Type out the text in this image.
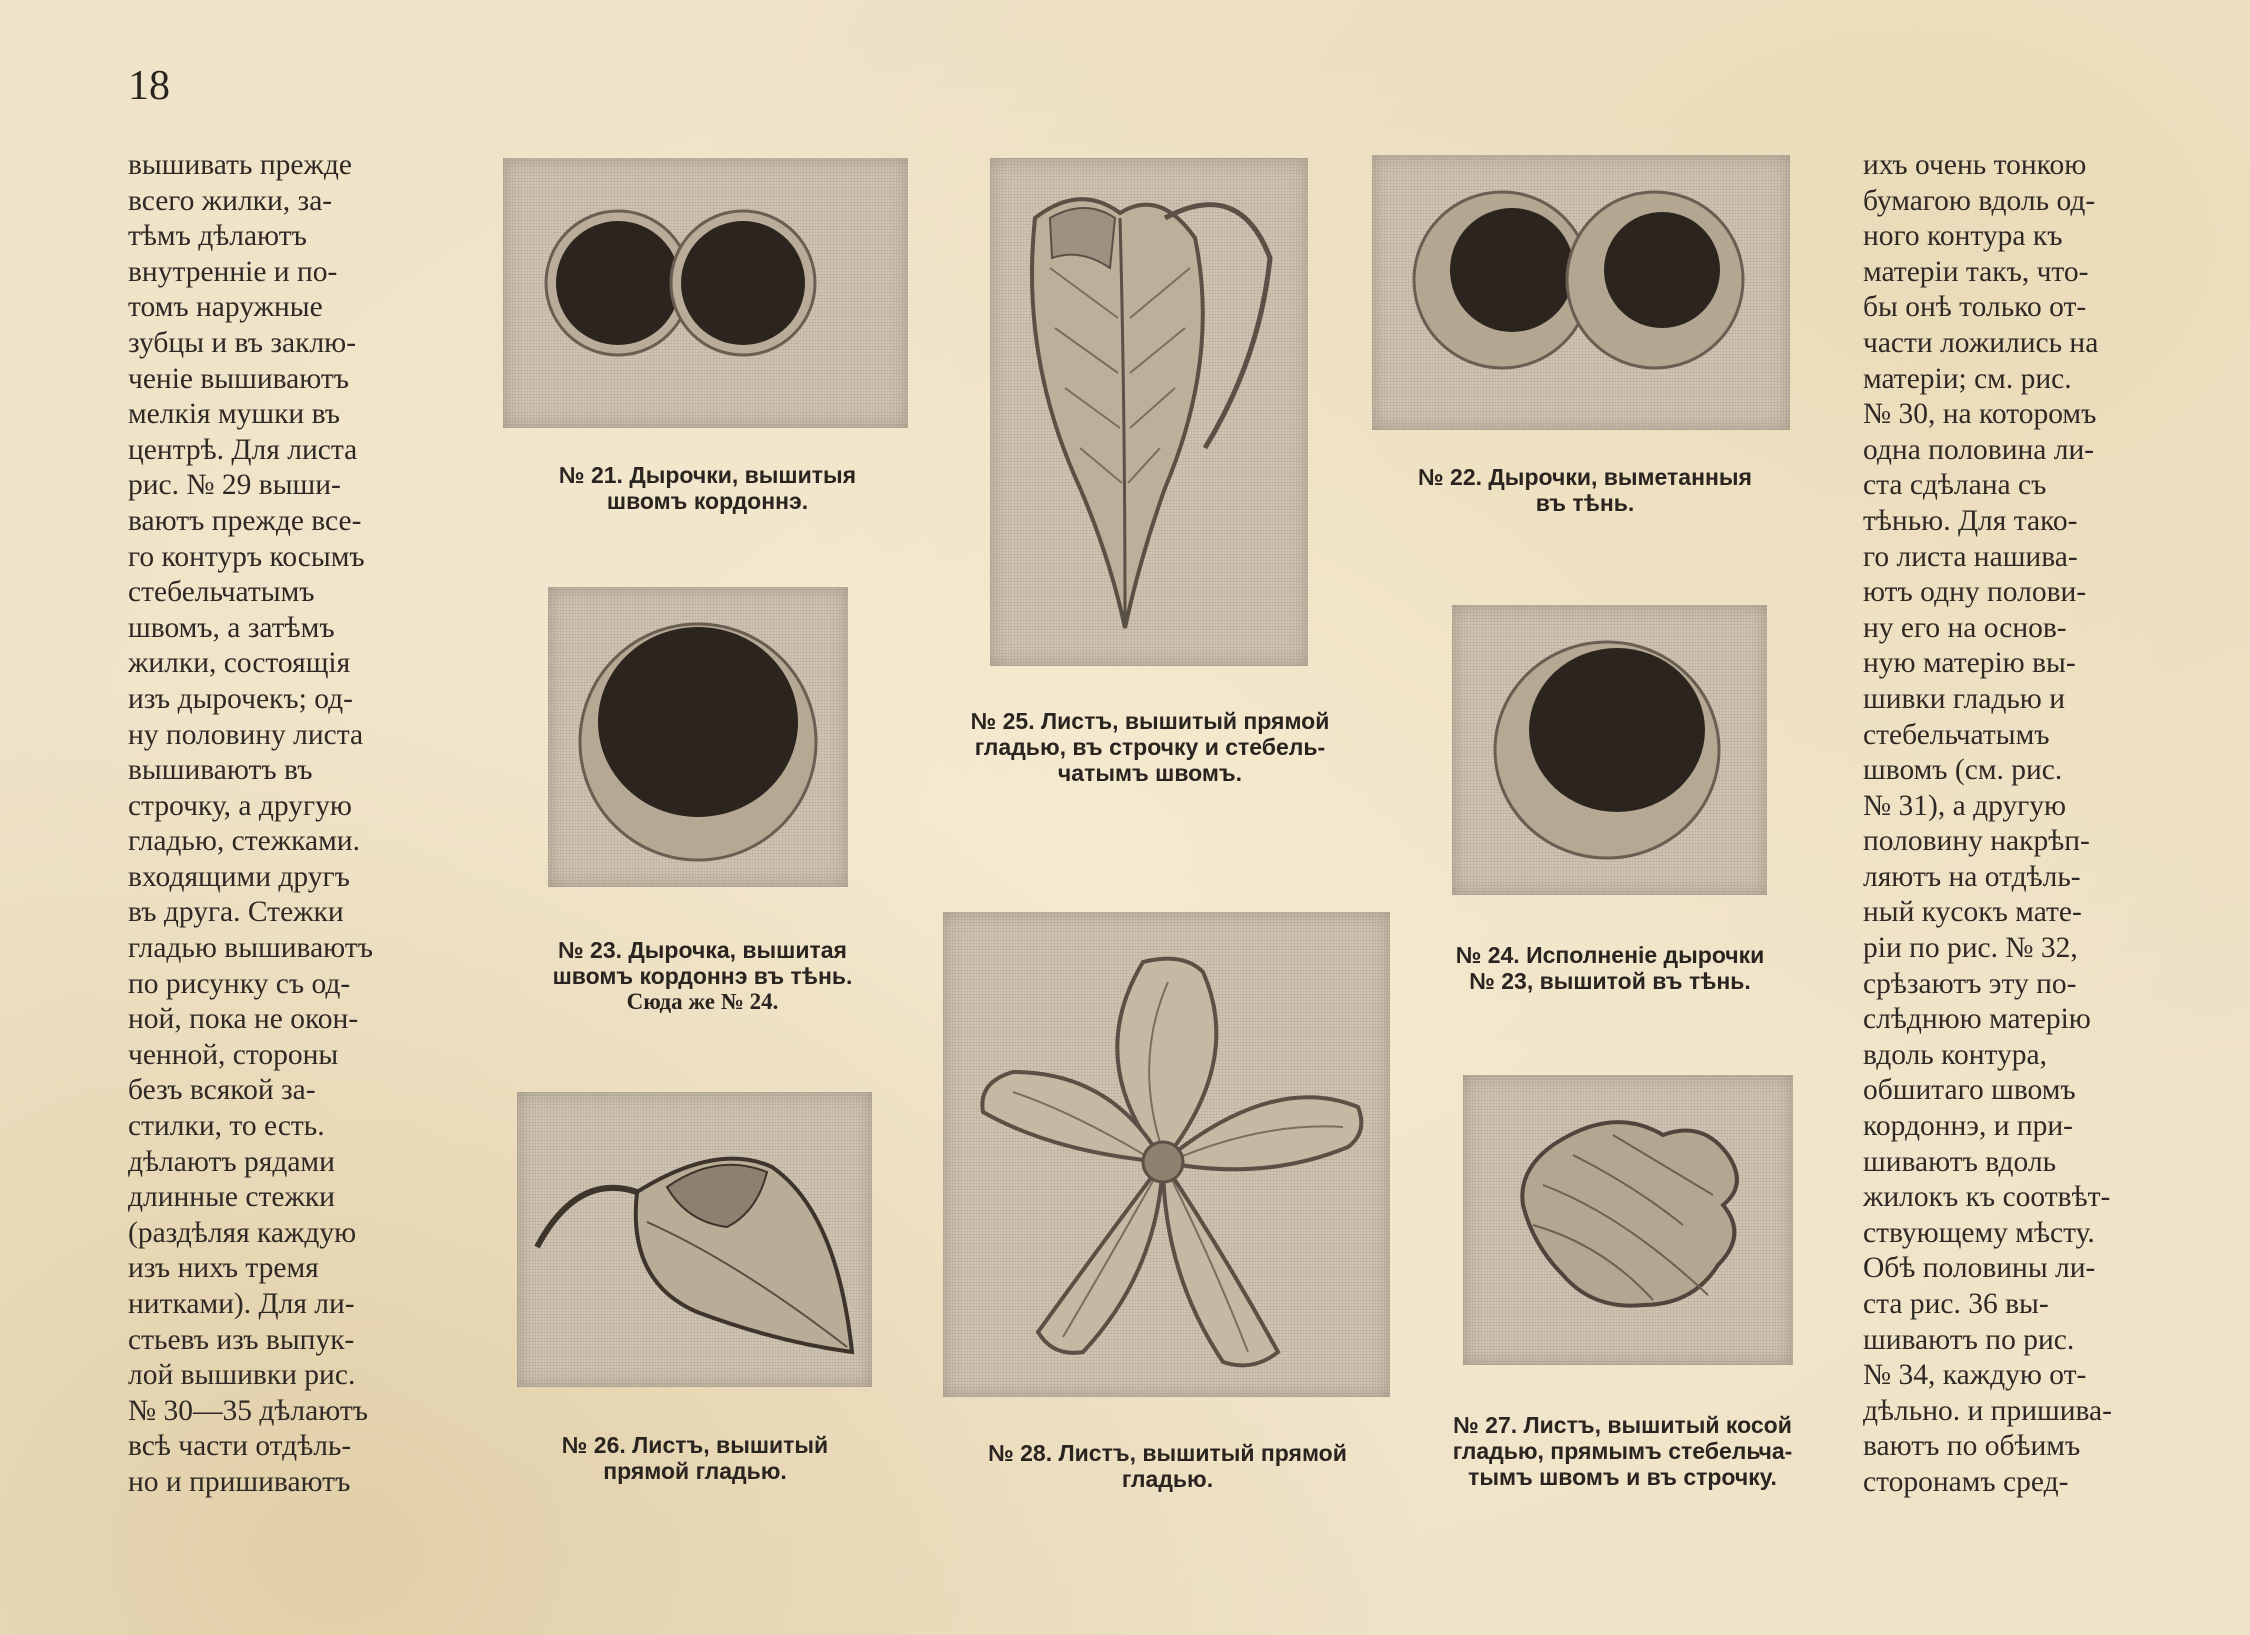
18
вышивать прежде
всего жилки, за-
тѣмъ дѣлаютъ
внутренніе и по-
томъ наружные
зубцы и въ заклю-
ченіе вышиваютъ
мелкія мушки въ
центрѣ. Для листа
рис. № 29 выши-
ваютъ прежде все-
го контуръ косымъ
стебельчатымъ
швомъ, а затѣмъ
жилки, состоящія
изъ дырочекъ; од-
ну половину листа
вышиваютъ въ
строчку, а другую
гладью, стежками.
входящими другъ
въ друга. Стежки
гладью вышиваютъ
по рисунку съ од-
ной, пока не окон-
ченной, стороны
безъ всякой за-
стилки, то есть.
дѣлаютъ рядами
длинные стежки
(раздѣляя каждую
изъ нихъ тремя
нитками). Для ли-
стьевъ изъ выпук-
лой вышивки рис.
№ 30—35 дѣлаютъ
всѣ части отдѣль-
но и пришиваютъ
ихъ очень тонкою
бумагою вдоль од-
ного контура къ
матеріи такъ, что-
бы онѣ только от-
части ложились на
матеріи; см. рис.
№ 30, на которомъ
одна половина ли-
ста сдѣлана съ
тѣнью. Для тако-
го листа нашива-
ютъ одну полови-
ну его на основ-
ную матерію вы-
шивки гладью и
стебельчатымъ
швомъ (см. рис.
№ 31), а другую
половину накрѣп-
ляютъ на отдѣль-
ный кусокъ мате-
ріи по рис. № 32,
срѣзаютъ эту по-
слѣднюю матерію
вдоль контура,
обшитаго швомъ
кордоннэ, и при-
шиваютъ вдоль
жилокъ къ соотвѣт-
ствующему мѣсту.
Обѣ половины ли-
ста рис. 36 вы-
шиваютъ по рис.
№ 34, каждую от-
дѣльно. и пришива-
ваютъ по обѣимъ
сторонамъ сред-
№ 21. Дырочки, вышитыя
швомъ кордоннэ.
№ 25. Листъ, вышитый прямой
гладью, въ строчку и стебель-
чатымъ швомъ.
№ 22. Дырочки, выметанныя
въ тѣнь.
№ 23. Дырочка, вышитая
швомъ кордоннэ въ тѣнь.
Сюда же № 24.
№ 24. Исполненіе дырочки
№ 23, вышитой въ тѣнь.
№ 26. Листъ, вышитый
прямой гладью.
№ 28. Листъ, вышитый прямой
гладью.
№ 27. Листъ, вышитый косой
гладью, прямымъ стебельча-
тымъ швомъ и въ строчку.
